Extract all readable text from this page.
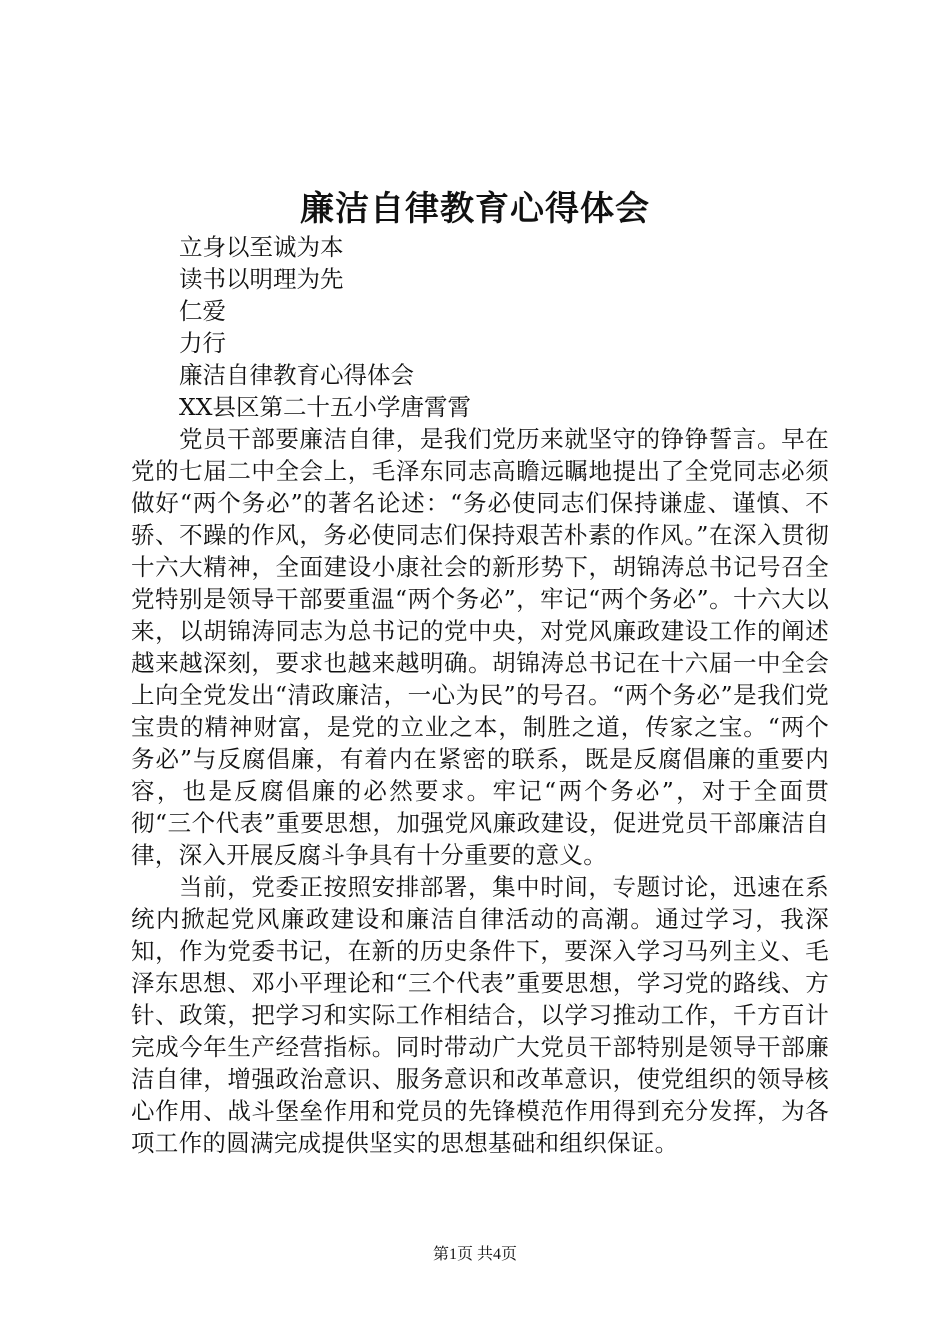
廉洁自律教育心得体会

立身以至诚为本

读书以明理为先

仁爱

力行

廉洁自律教育心得体会

XX县区第二十五小学唐霄霄

党员干部要廉洁自律，是我们党历来就坚守的铮铮誓言。早在党的七届二中全会上，毛泽东同志高瞻远瞩地提出了全党同志必须做好“两个务必”的著名论述：“务必使同志们保持谦虚、谨慎、不骄、不躁的作风，务必使同志们保持艰苦朴素的作风。”在深入贯彻十六大精神，全面建设小康社会的新形势下，胡锦涛总书记号召全党特别是领导干部要重温“两个务必”，牢记“两个务必”。十六大以来，以胡锦涛同志为总书记的党中央，对党风廉政建设工作的阐述越来越深刻，要求也越来越明确。胡锦涛总书记在十六届一中全会上向全党发出“清政廉洁，一心为民”的号召。“两个务必”是我们党宝贵的精神财富，是党的立业之本，制胜之道，传家之宝。“两个务必”与反腐倡廉，有着内在紧密的联系，既是反腐倡廉的重要内容，也是反腐倡廉的必然要求。牢记“两个务必”，对于全面贯彻“三个代表”重要思想，加强党风廉政建设，促进党员干部廉洁自律，深入开展反腐斗争具有十分重要的意义。

当前，党委正按照安排部署，集中时间，专题讨论，迅速在系统内掀起党风廉政建设和廉洁自律活动的高潮。通过学习，我深知，作为党委书记，在新的历史条件下，要深入学习马列主义、毛泽东思想、邓小平理论和“三个代表”重要思想，学习党的路线、方针、政策，把学习和实际工作相结合，以学习推动工作，千方百计完成今年生产经营指标。同时带动广大党员干部特别是领导干部廉洁自律，增强政治意识、服务意识和改革意识，使党组织的领导核心作用、战斗堡垒作用和党员的先锋模范作用得到充分发挥，为各项工作的圆满完成提供坚实的思想基础和组织保证。

第1页 共4页
